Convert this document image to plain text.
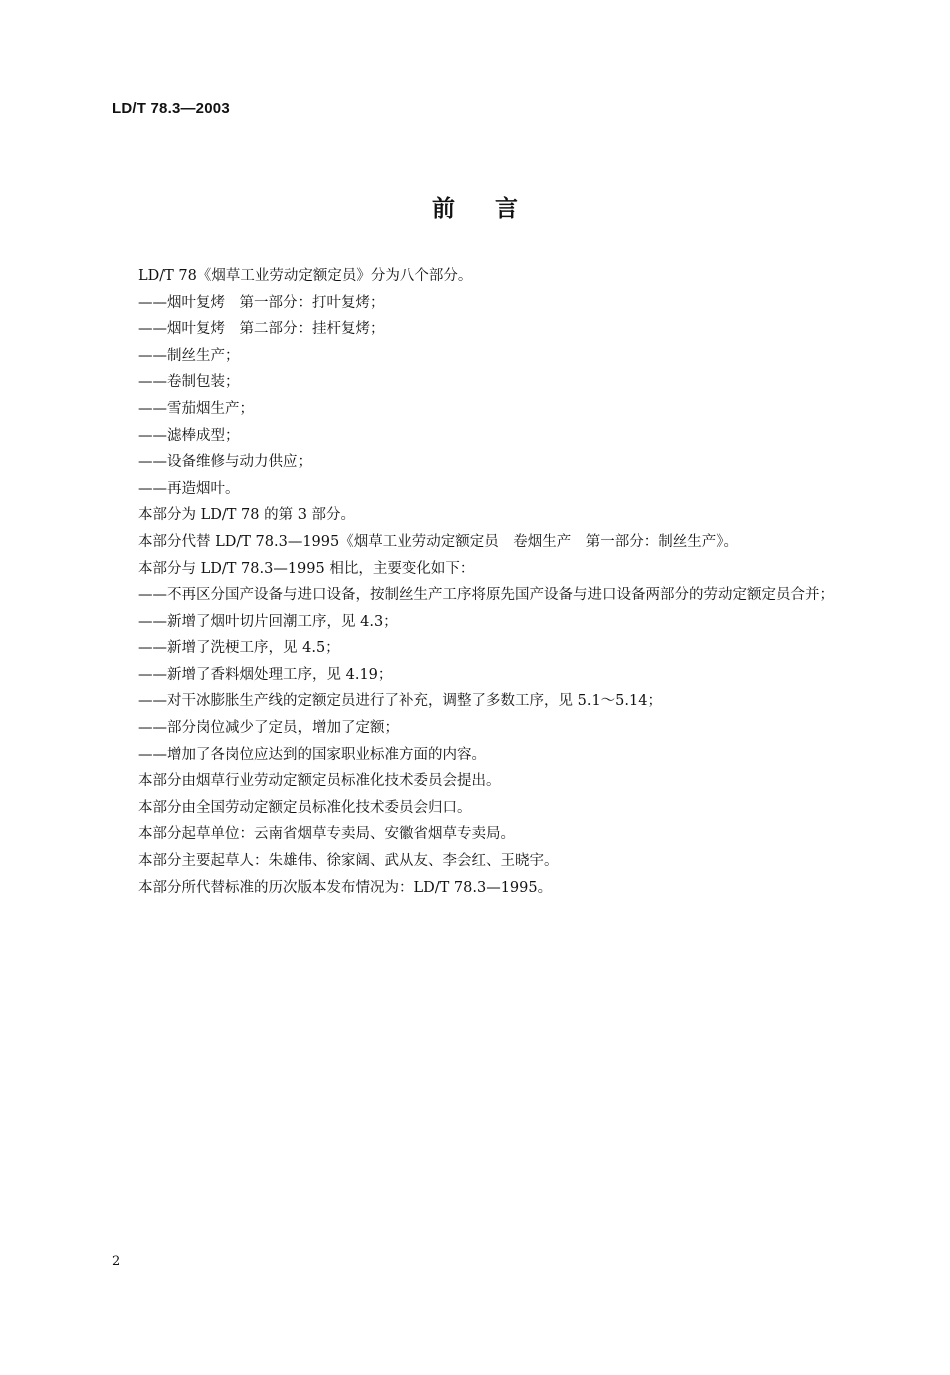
LD/T 78.3—2003
前言
LD/T 78《烟草工业劳动定额定员》分为八个部分。
——烟叶复烤　第一部分：打叶复烤；
——烟叶复烤　第二部分：挂杆复烤；
——制丝生产；
——卷制包装；
——雪茄烟生产；
——滤棒成型；
——设备维修与动力供应；
——再造烟叶。
本部分为 LD/T 78 的第 3 部分。
本部分代替 LD/T 78.3—1995《烟草工业劳动定额定员　卷烟生产　第一部分：制丝生产》。
本部分与 LD/T 78.3—1995 相比，主要变化如下：
——不再区分国产设备与进口设备，按制丝生产工序将原先国产设备与进口设备两部分的劳动定额定员合并；
——新增了烟叶切片回潮工序，见 4.3；
——新增了洗梗工序，见 4.5；
——新增了香料烟处理工序，见 4.19；
——对干冰膨胀生产线的定额定员进行了补充，调整了多数工序，见 5.1～5.14；
——部分岗位减少了定员，增加了定额；
——增加了各岗位应达到的国家职业标准方面的内容。
本部分由烟草行业劳动定额定员标准化技术委员会提出。
本部分由全国劳动定额定员标准化技术委员会归口。
本部分起草单位：云南省烟草专卖局、安徽省烟草专卖局。
本部分主要起草人：朱雄伟、徐家阔、武从友、李会红、王晓宇。
本部分所代替标准的历次版本发布情况为：LD/T 78.3—1995。
2
